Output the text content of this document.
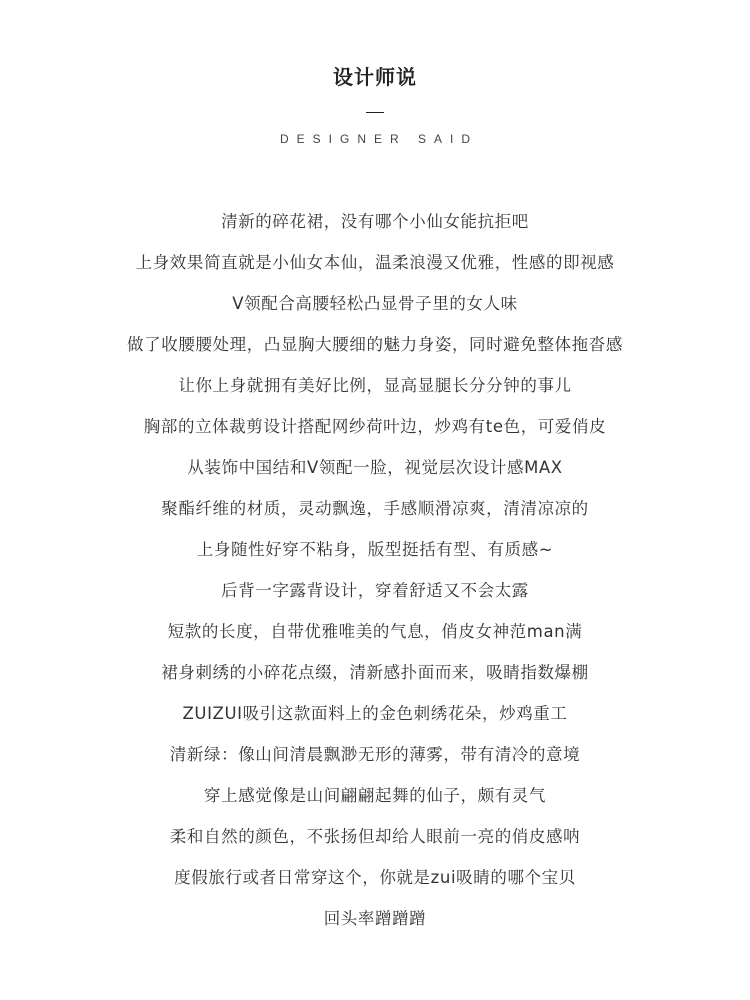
设计师说
DESIGNER SAID
清新的碎花裙，没有哪个小仙女能抗拒吧
上身效果简直就是小仙女本仙，温柔浪漫又优雅，性感的即视感
V领配合高腰轻松凸显骨子里的女人味
做了收腰腰处理，凸显胸大腰细的魅力身姿，同时避免整体拖沓感
让你上身就拥有美好比例，显高显腿长分分钟的事儿
胸部的立体裁剪设计搭配网纱荷叶边，炒鸡有te色，可爱俏皮
从装饰中国结和V领配一脸，视觉层次设计感MAX
聚酯纤维的材质，灵动飘逸，手感顺滑凉爽，清清凉凉的
上身随性好穿不粘身，版型挺括有型、有质感~
后背一字露背设计，穿着舒适又不会太露
短款的长度，自带优雅唯美的气息，俏皮女神范man满
裙身刺绣的小碎花点缀，清新感扑面而来，吸睛指数爆棚
ZUIZUI吸引这款面料上的金色刺绣花朵，炒鸡重工
清新绿：像山间清晨飘渺无形的薄雾，带有清冷的意境
穿上感觉像是山间翩翩起舞的仙子，颇有灵气
柔和自然的颜色，不张扬但却给人眼前一亮的俏皮感呐
度假旅行或者日常穿这个，你就是zui吸睛的哪个宝贝
回头率蹭蹭蹭
